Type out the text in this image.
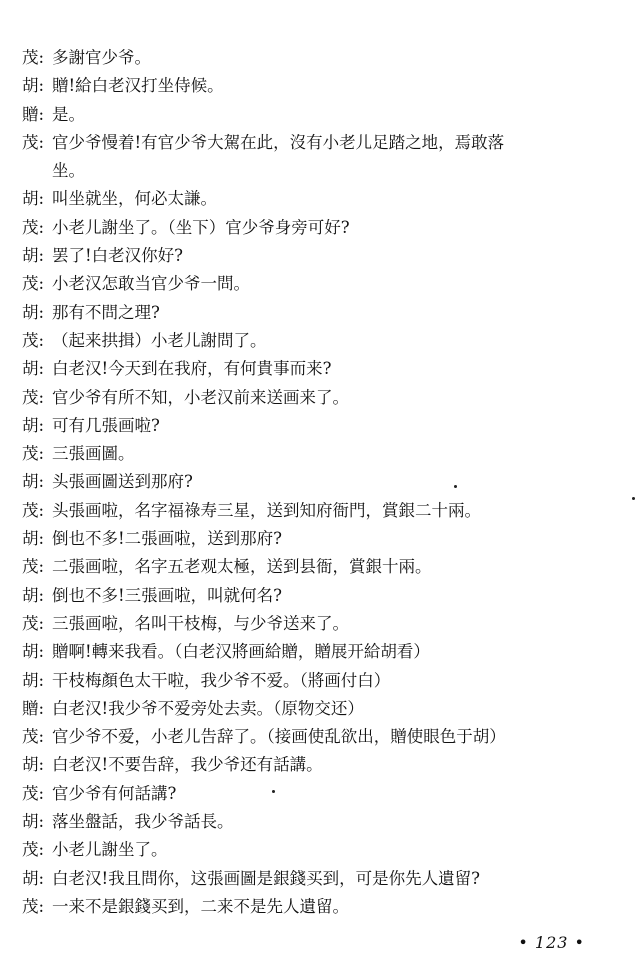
茂: 多謝官少爷。
胡: 贈!給白老汉打坐侍候。
贈: 是。
茂: 官少爷慢着!有官少爷大駕在此，沒有小老儿足踏之地，焉敢落
坐。
胡: 叫坐就坐，何必太謙。
茂: 小老儿謝坐了。（坐下）官少爷身旁可好?
胡: 罢了!白老汉你好?
茂: 小老汉怎敢当官少爷一問。
胡: 那有不問之理?
茂: （起来拱揖）小老儿謝問了。
胡: 白老汉!今天到在我府，有何貴事而来?
茂: 官少爷有所不知，小老汉前来送画来了。
胡: 可有几張画啦?
茂: 三張画圖。
胡: 头張画圖送到那府?
茂: 头張画啦，名字福祿寿三星，送到知府衙門，賞銀二十兩。
胡: 倒也不多!二張画啦，送到那府?
茂: 二張画啦，名字五老观太極，送到县衙，賞銀十兩。
胡: 倒也不多!三張画啦，叫就何名?
茂: 三張画啦，名叫干枝梅，与少爷送来了。
胡: 贈啊!轉来我看。（白老汉將画給贈，贈展开給胡看）
胡: 干枝梅顏色太干啦，我少爷不爱。（將画付白）
贈: 白老汉!我少爷不爱旁处去卖。（原物交还）
茂: 官少爷不爱，小老儿告辞了。（接画使乱欲出，贈使眼色于胡）
胡: 白老汉!不要告辞，我少爷还有話講。
茂: 官少爷有何話講?
胡: 落坐盤話，我少爷話長。
茂: 小老儿謝坐了。
胡: 白老汉!我且問你，这張画圖是銀錢买到，可是你先人遺留?
茂: 一来不是銀錢买到，二来不是先人遺留。
• 123 •
